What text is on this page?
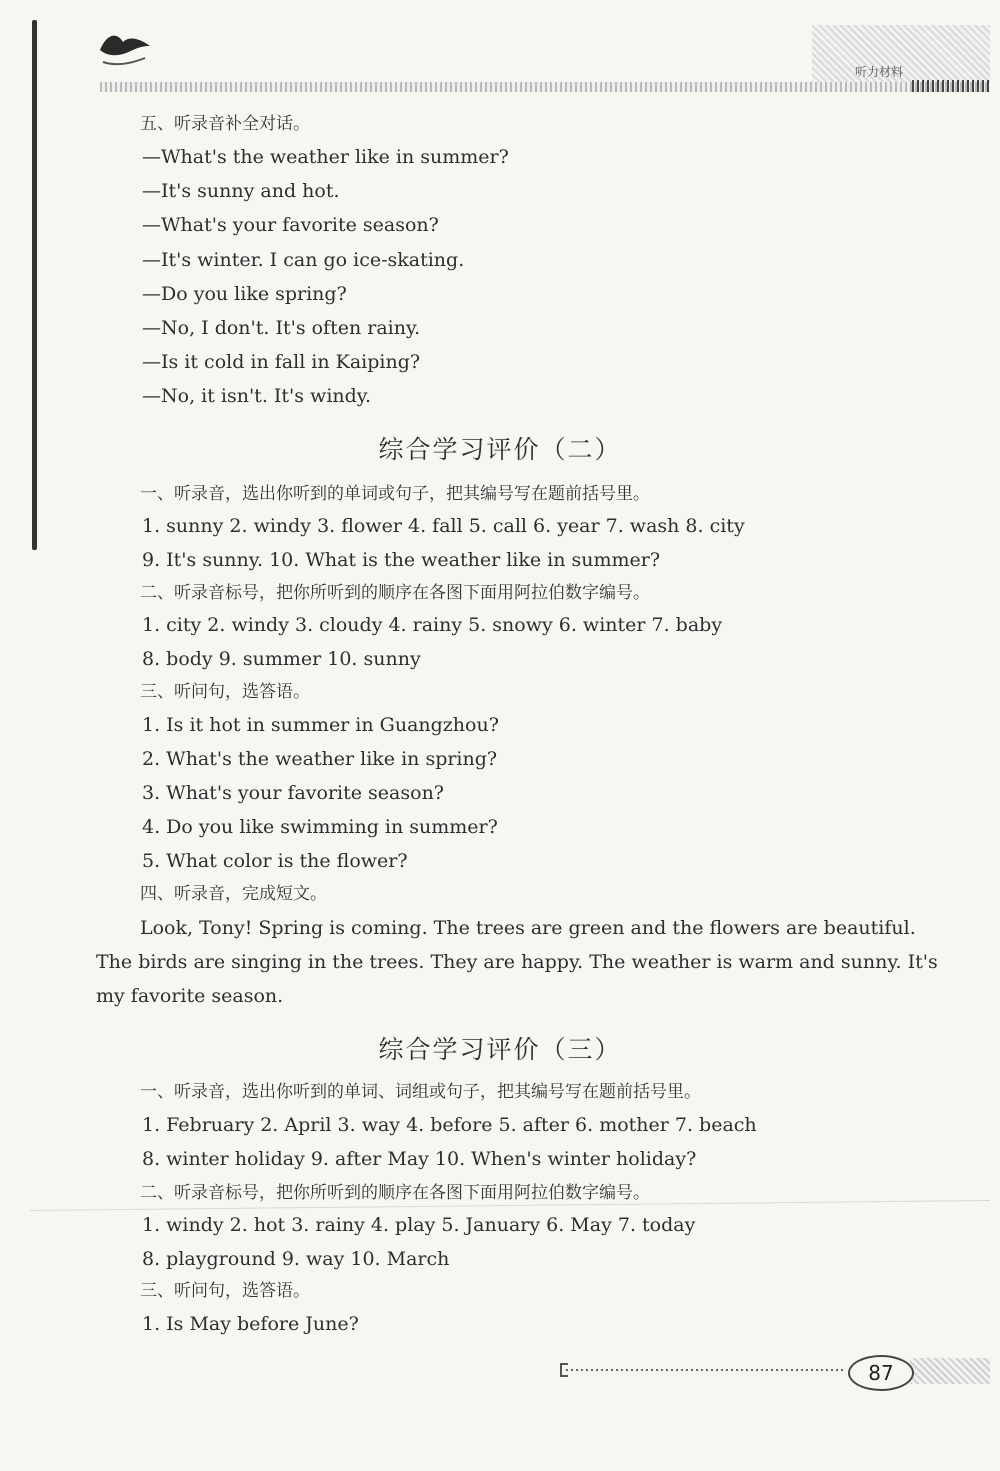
听力材料
五、听录音补全对话。
—What's the weather like in summer?
—It's sunny and hot.
—What's your favorite season?
—It's winter. I can go ice-skating.
—Do you like spring?
—No, I don't. It's often rainy.
—Is it cold in fall in Kaiping?
—No, it isn't. It's windy.
综合学习评价（二）
一、听录音，选出你听到的单词或句子，把其编号写在题前括号里。
1. sunny 2. windy 3. flower 4. fall 5. call 6. year 7. wash 8. city
9. It's sunny. 10. What is the weather like in summer?
二、听录音标号，把你所听到的顺序在各图下面用阿拉伯数字编号。
1. city 2. windy 3. cloudy 4. rainy 5. snowy 6. winter 7. baby
8. body 9. summer 10. sunny
三、听问句，选答语。
1. Is it hot in summer in Guangzhou?
2. What's the weather like in spring?
3. What's your favorite season?
4. Do you like swimming in summer?
5. What color is the flower?
四、听录音，完成短文。
Look, Tony! Spring is coming. The trees are green and the flowers are beautiful.
The birds are singing in the trees. They are happy. The weather is warm and sunny. It's
my favorite season.
综合学习评价（三）
一、听录音，选出你听到的单词、词组或句子，把其编号写在题前括号里。
1. February 2. April 3. way 4. before 5. after 6. mother 7. beach
8. winter holiday 9. after May 10. When's winter holiday?
二、听录音标号，把你所听到的顺序在各图下面用阿拉伯数字编号。
1. windy 2. hot 3. rainy 4. play 5. January 6. May 7. today
8. playground 9. way 10. March
三、听问句，选答语。
1. Is May before June?
87
